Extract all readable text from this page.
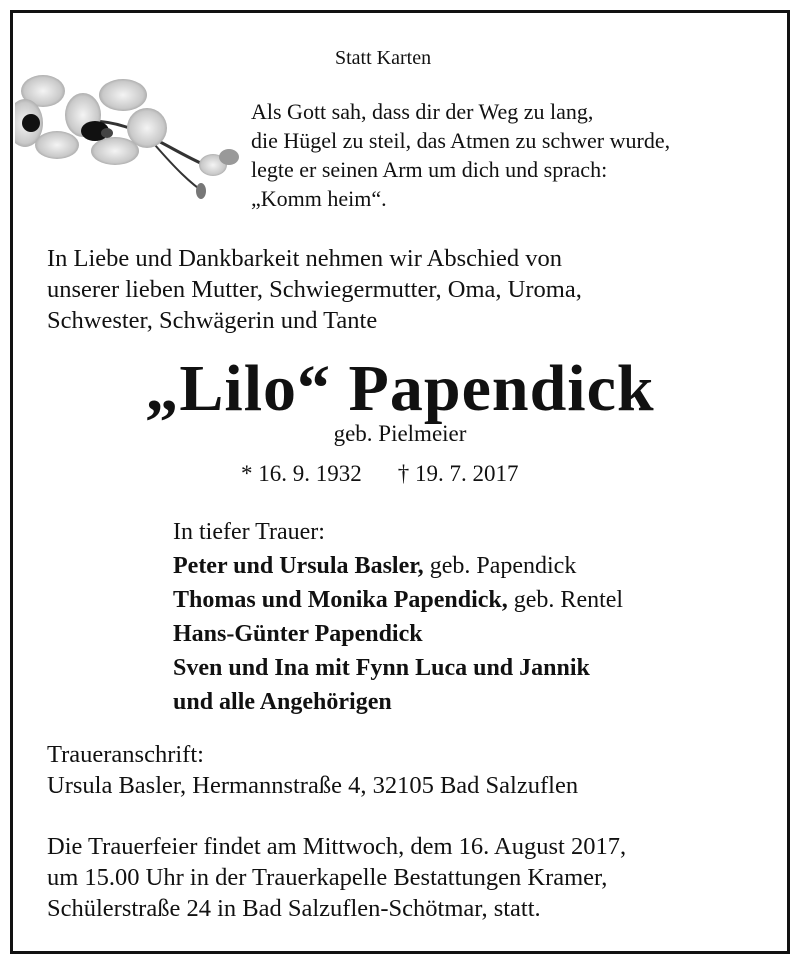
Statt Karten
Als Gott sah, dass dir der Weg zu lang,
die Hügel zu steil, das Atmen zu schwer wurde,
legte er seinen Arm um dich und sprach:
„Komm heim“.
In Liebe und Dankbarkeit nehmen wir Abschied von
unserer lieben Mutter, Schwiegermutter, Oma, Uroma,
Schwester, Schwägerin und Tante
„Lilo“ Papendick
geb. Pielmeier
* 16. 9. 1932 † 19. 7. 2017
In tiefer Trauer:
Peter und Ursula Basler, geb. Papendick
Thomas und Monika Papendick, geb. Rentel
Hans-Günter Papendick
Sven und Ina mit Fynn Luca und Jannik
und alle Angehörigen
Traueranschrift:
Ursula Basler, Hermannstraße 4, 32105 Bad Salzuflen
Die Trauerfeier findet am Mittwoch, dem 16. August 2017,
um 15.00 Uhr in der Trauerkapelle Bestattungen Kramer,
Schülerstraße 24 in Bad Salzuflen-Schötmar, statt.
